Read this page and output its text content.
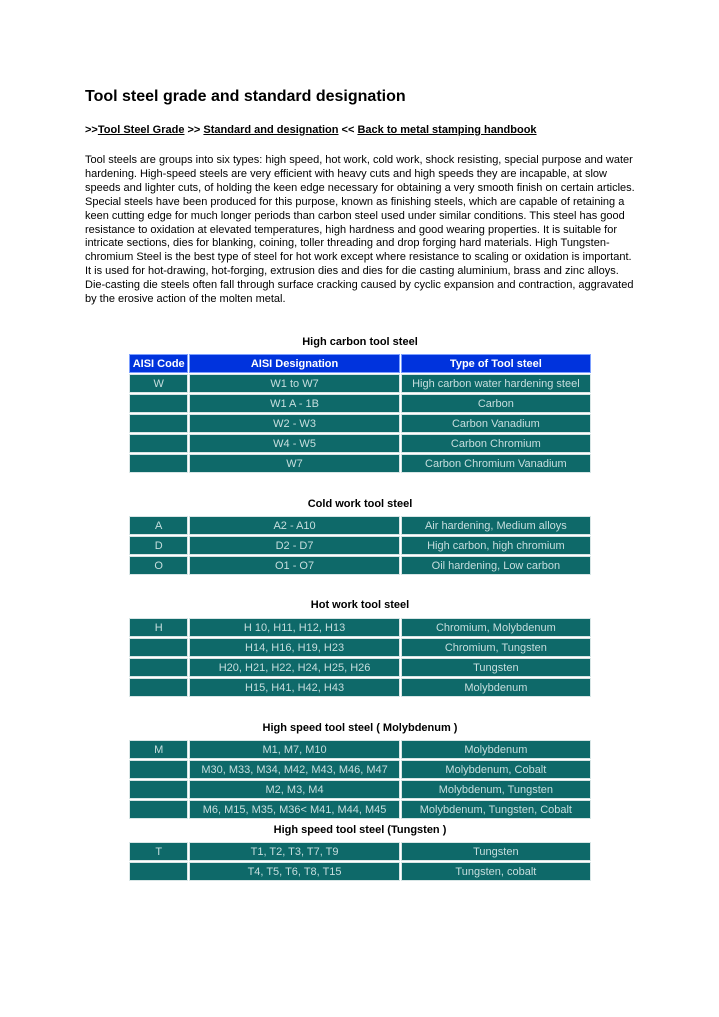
Tool steel grade and standard designation
>>Tool Steel Grade >> Standard and designation << Back to metal stamping handbook

Tool steels are groups into six types: high speed, hot work, cold work, shock resisting, special purpose and water hardening. High-speed steels are very efficient with heavy cuts and high speeds they are incapable, at slow speeds and lighter cuts, of holding the keen edge necessary for obtaining a very smooth finish on certain articles. Special steels have been produced for this purpose, known as finishing steels, which are capable of retaining a keen cutting edge for much longer periods than carbon steel used under similar conditions. This steel has good resistance to oxidation at elevated temperatures, high hardness and good wearing properties. It is suitable for intricate sections, dies for blanking, coining, toller threading and drop forging hard materials. High Tungsten-chromium Steel is the best type of steel for hot work except where resistance to scaling or oxidation is important. It is used for hot-drawing, hot-forging, extrusion dies and dies for die casting aluminium, brass and zinc alloys. Die-casting die steels often fall through surface cracking caused by cyclic expansion and contraction, aggravated by the erosive action of the molten metal.

High carbon tool steel
AISI Code	AISI Designation	Type of Tool steel
W	W1 to W7	High carbon water hardening steel
	W1 A - 1B	Carbon
	W2 - W3	Carbon Vanadium
	W4 - W5	Carbon Chromium
	W7	Carbon Chromium Vanadium
Cold work tool steel
A	A2 - A10	Air hardening, Medium alloys
D	D2 - D7	High carbon, high chromium
O	O1 - O7	Oil hardening, Low carbon
Hot work tool steel
H	H 10, H11, H12, H13	Chromium, Molybdenum
	H14, H16, H19, H23	Chromium, Tungsten
	H20, H21, H22, H24, H25, H26	Tungsten
	H15, H41, H42, H43	Molybdenum
High speed tool steel ( Molybdenum )
M	M1, M7, M10	Molybdenum
	M30, M33, M34, M42, M43, M46, M47	Molybdenum, Cobalt
	M2, M3, M4	Molybdenum, Tungsten
	M6, M15, M35, M36< M41, M44, M45	Molybdenum, Tungsten, Cobalt
High speed tool steel (Tungsten )
T	T1, T2, T3, T7, T9	Tungsten
	T4, T5, T6, T8, T15	Tungsten, cobalt
